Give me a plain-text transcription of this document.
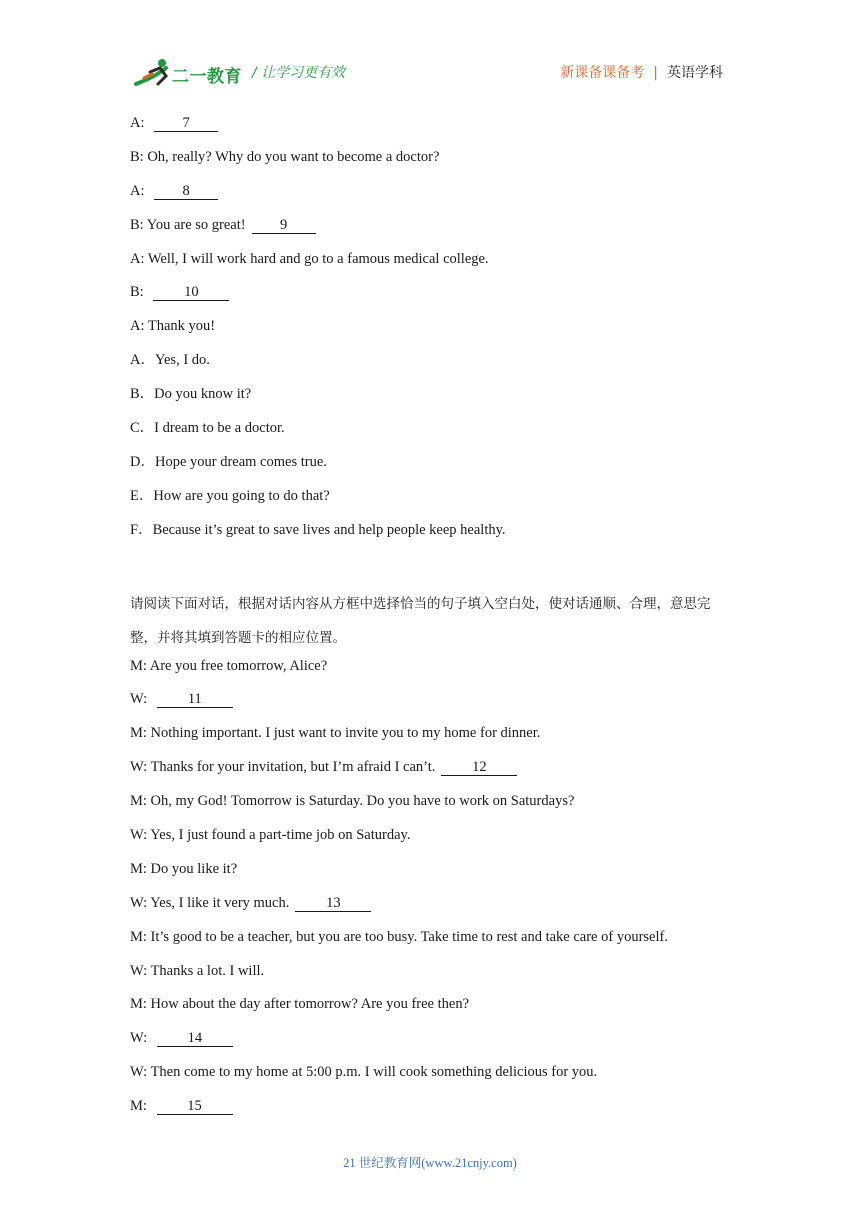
二一教育 / 让学习更有效	新课备课备考 | 英语学科
A:	7
B: Oh, really? Why do you want to become a doctor?
A:	8
B: You are so great! 9
A: Well, I will work hard and go to a famous medical college.
B:	10
A: Thank you!
A．Yes, I do.
B．Do you know it?
C．I dream to be a doctor.
D．Hope your dream comes true.
E．How are you going to do that?
F．Because it’s great to save lives and help people keep healthy.
请阅读下面对话，根据对话内容从方框中选择恰当的句子填入空白处，使对话通顺、合理，意思完整，并将其填到答题卡的相应位置。
M: Are you free tomorrow, Alice?
W:	11
M: Nothing important. I just want to invite you to my home for dinner.
W: Thanks for your invitation, but I’m afraid I can’t.	12
M: Oh, my God! Tomorrow is Saturday. Do you have to work on Saturdays?
W: Yes, I just found a part-time job on Saturday.
M: Do you like it?
W: Yes, I like it very much.	13
M: It’s good to be a teacher, but you are too busy. Take time to rest and take care of yourself.
W: Thanks a lot. I will.
M: How about the day after tomorrow? Are you free then?
W:	14
W: Then come to my home at 5:00 p.m. I will cook something delicious for you.
M:	15
21 世纪教育网(www.21cnjy.com)
